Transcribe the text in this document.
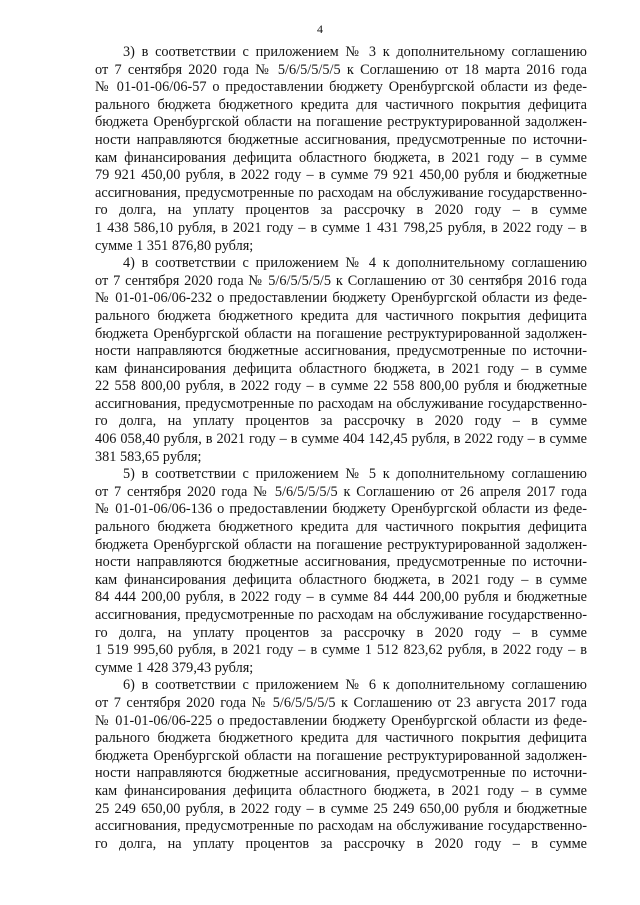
4
3) в соответствии с приложением № 3 к дополнительному соглашению
от 7 сентября 2020 года № 5/6/5/5/5/5 к Соглашению от 18 марта 2016 года
№ 01-01-06/06-57 о предоставлении бюджету Оренбургской области из феде-
рального бюджета бюджетного кредита для частичного покрытия дефицита
бюджета Оренбургской области на погашение реструктурированной задолжен-
ности направляются бюджетные ассигнования, предусмотренные по источни-
кам финансирования дефицита областного бюджета, в 2021 году – в сумме
79 921 450,00 рубля, в 2022 году – в сумме 79 921 450,00 рубля и бюджетные
ассигнования, предусмотренные по расходам на обслуживание государственно-
го долга, на уплату процентов за рассрочку в 2020 году – в сумме
1 438 586,10 рубля, в 2021 году – в сумме 1 431 798,25 рубля, в 2022 году – в
сумме 1 351 876,80 рубля;
4) в соответствии с приложением № 4 к дополнительному соглашению
от 7 сентября 2020 года № 5/6/5/5/5/5 к Соглашению от 30 сентября 2016 года
№ 01-01-06/06-232 о предоставлении бюджету Оренбургской области из феде-
рального бюджета бюджетного кредита для частичного покрытия дефицита
бюджета Оренбургской области на погашение реструктурированной задолжен-
ности направляются бюджетные ассигнования, предусмотренные по источни-
кам финансирования дефицита областного бюджета, в 2021 году – в сумме
22 558 800,00 рубля, в 2022 году – в сумме 22 558 800,00 рубля и бюджетные
ассигнования, предусмотренные по расходам на обслуживание государственно-
го долга, на уплату процентов за рассрочку в 2020 году – в сумме
406 058,40 рубля, в 2021 году – в сумме 404 142,45 рубля, в 2022 году – в сумме
381 583,65 рубля;
5) в соответствии с приложением № 5 к дополнительному соглашению
от 7 сентября 2020 года № 5/6/5/5/5/5 к Соглашению от 26 апреля 2017 года
№ 01-01-06/06-136 о предоставлении бюджету Оренбургской области из феде-
рального бюджета бюджетного кредита для частичного покрытия дефицита
бюджета Оренбургской области на погашение реструктурированной задолжен-
ности направляются бюджетные ассигнования, предусмотренные по источни-
кам финансирования дефицита областного бюджета, в 2021 году – в сумме
84 444 200,00 рубля, в 2022 году – в сумме 84 444 200,00 рубля и бюджетные
ассигнования, предусмотренные по расходам на обслуживание государственно-
го долга, на уплату процентов за рассрочку в 2020 году – в сумме
1 519 995,60 рубля, в 2021 году – в сумме 1 512 823,62 рубля, в 2022 году – в
сумме 1 428 379,43 рубля;
6) в соответствии с приложением № 6 к дополнительному соглашению
от 7 сентября 2020 года № 5/6/5/5/5/5 к Соглашению от 23 августа 2017 года
№ 01-01-06/06-225 о предоставлении бюджету Оренбургской области из феде-
рального бюджета бюджетного кредита для частичного покрытия дефицита
бюджета Оренбургской области на погашение реструктурированной задолжен-
ности направляются бюджетные ассигнования, предусмотренные по источни-
кам финансирования дефицита областного бюджета, в 2021 году – в сумме
25 249 650,00 рубля, в 2022 году – в сумме 25 249 650,00 рубля и бюджетные
ассигнования, предусмотренные по расходам на обслуживание государственно-
го долга, на уплату процентов за рассрочку в 2020 году – в сумме
